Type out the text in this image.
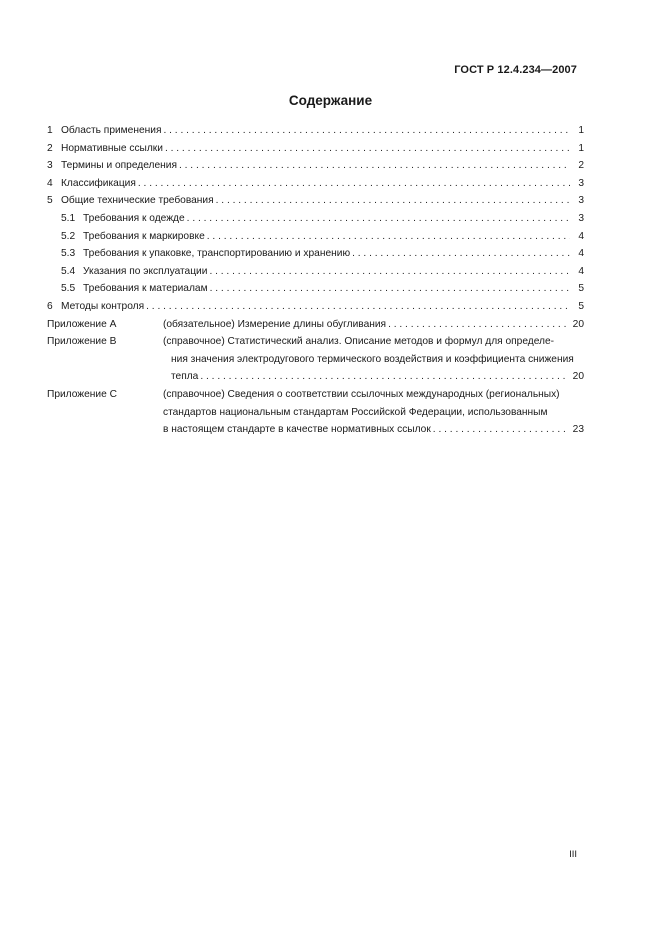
ГОСТ Р 12.4.234—2007
Содержание
1 Область применения . . .	1
2 Нормативные ссылки . . .	1
3 Термины и определения . . .	2
4 Классификация . . .	3
5 Общие технические требования . . .	3
5.1 Требования к одежде . . .	3
5.2 Требования к маркировке . . .	4
5.3 Требования к упаковке, транспортированию и хранению . . .	4
5.4 Указания по эксплуатации . . .	4
5.5 Требования к материалам . . .	5
6 Методы контроля . . .	5
Приложение А	(обязательное) Измерение длины обугливания . . .	20
Приложение В	(справочное) Статистический анализ. Описание методов и формул для определе-
ния значения электродугового термического воздействия и коэффициента снижения
тепла . . .	20
Приложение С	(справочное) Сведения о соответствии ссылочных международных (региональных)
стандартов национальным стандартам Российской Федерации, использованным
в настоящем стандарте в качестве нормативных ссылок . . .	23
III
